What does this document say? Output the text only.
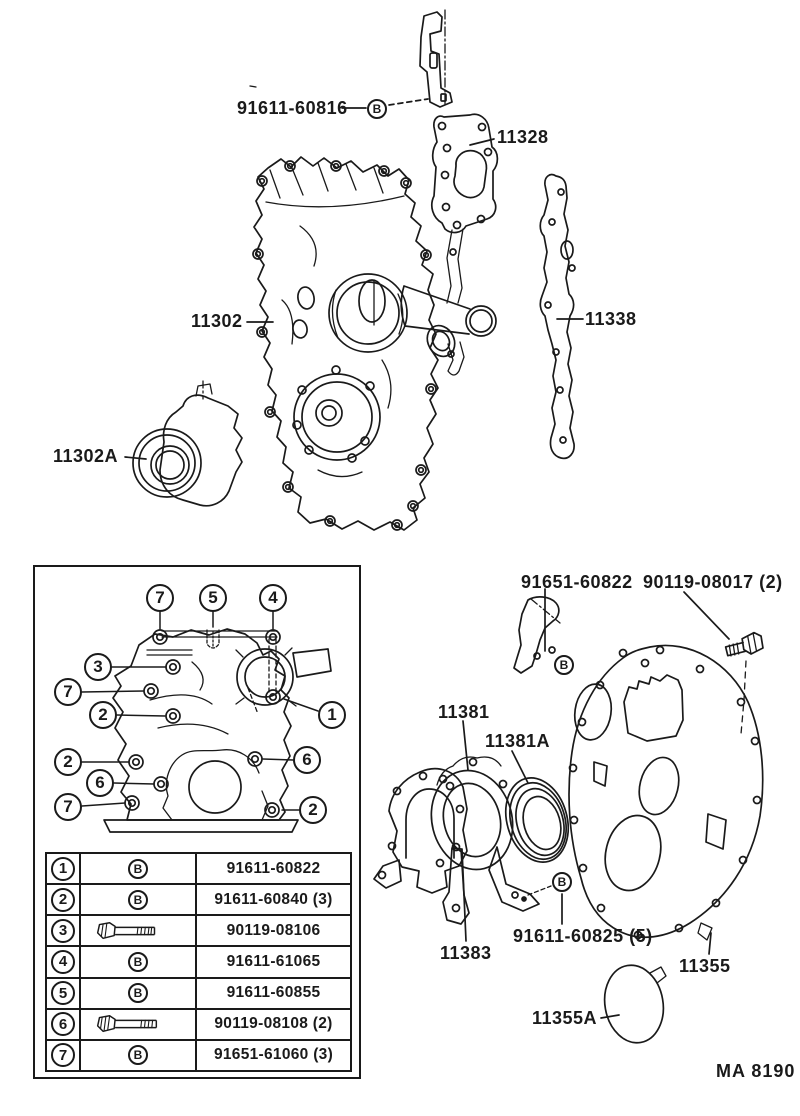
91611-60816
11328
11302	11338
11302A
91651-60822 90119-08017 (2)
11381
11381A
11383
91611-60825 (5)
11355
11355A
B
B
B
7	5	4
3
7
2	1
2
6
6
7	2
1	B	91611-60822
2	B	91611-60840 (3)
3	90119-08106
4	B	91611-61065
5	B	91611-60855
6	90119-08108 (2)
7	B	91651-61060 (3)
MA 8190
